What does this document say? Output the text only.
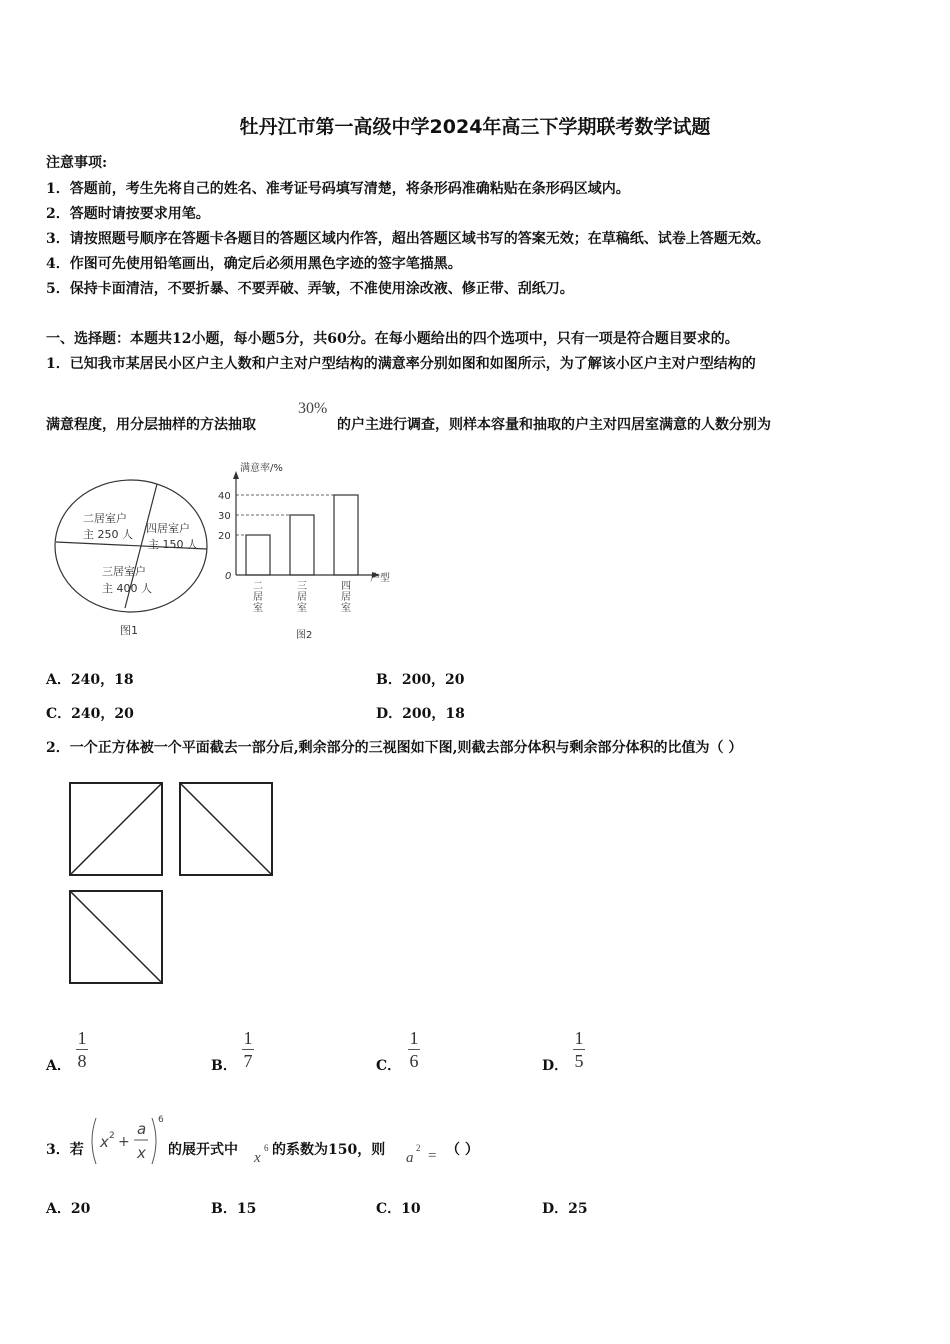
牡丹江市第一高级中学2024年高三下学期联考数学试题
注意事项:
1．答题前，考生先将自己的姓名、准考证号码填写清楚，将条形码准确粘贴在条形码区域内。
2．答题时请按要求用笔。
3．请按照题号顺序在答题卡各题目的答题区域内作答，超出答题区域书写的答案无效；在草稿纸、试卷上答题无效。
4．作图可先使用铅笔画出，确定后必须用黑色字迹的签字笔描黑。
5．保持卡面清洁，不要折暴、不要弄破、弄皱，不准使用涂改液、修正带、刮纸刀。
一、选择题：本题共12小题，每小题5分，共60分。在每小题给出的四个选项中，只有一项是符合题目要求的。
1．已知我市某居民小区户主人数和户主对户型结构的满意率分别如图和如图所示，为了解该小区户主对户型结构的
满意程度，用分层抽样的方法抽取
30%
的户主进行调查，则样本容量和抽取的户主对四居室满意的人数分别为
二居室户
主 250 人 四居室户
主 150 人
三居室户
主 400 人
图1
满意率/%
户型
0
20
二
居
室
30
三
居
室
40
四
居
室
图2
A．240，18	B．200，20
C．240，20	D．200，18
2．一个正方体被一个平面截去一部分后,剩余部分的三视图如下图,则截去部分体积与剩余部分体积的比值为（ ）
A．
1
8	B．
1
7	C．
1
6	D．
1
5
3．若 x 2 +
a
x
6
的展开式中 x
6 的系数为150，则 a
2 = （ ）
A．20	B．15	C．10	D．25
